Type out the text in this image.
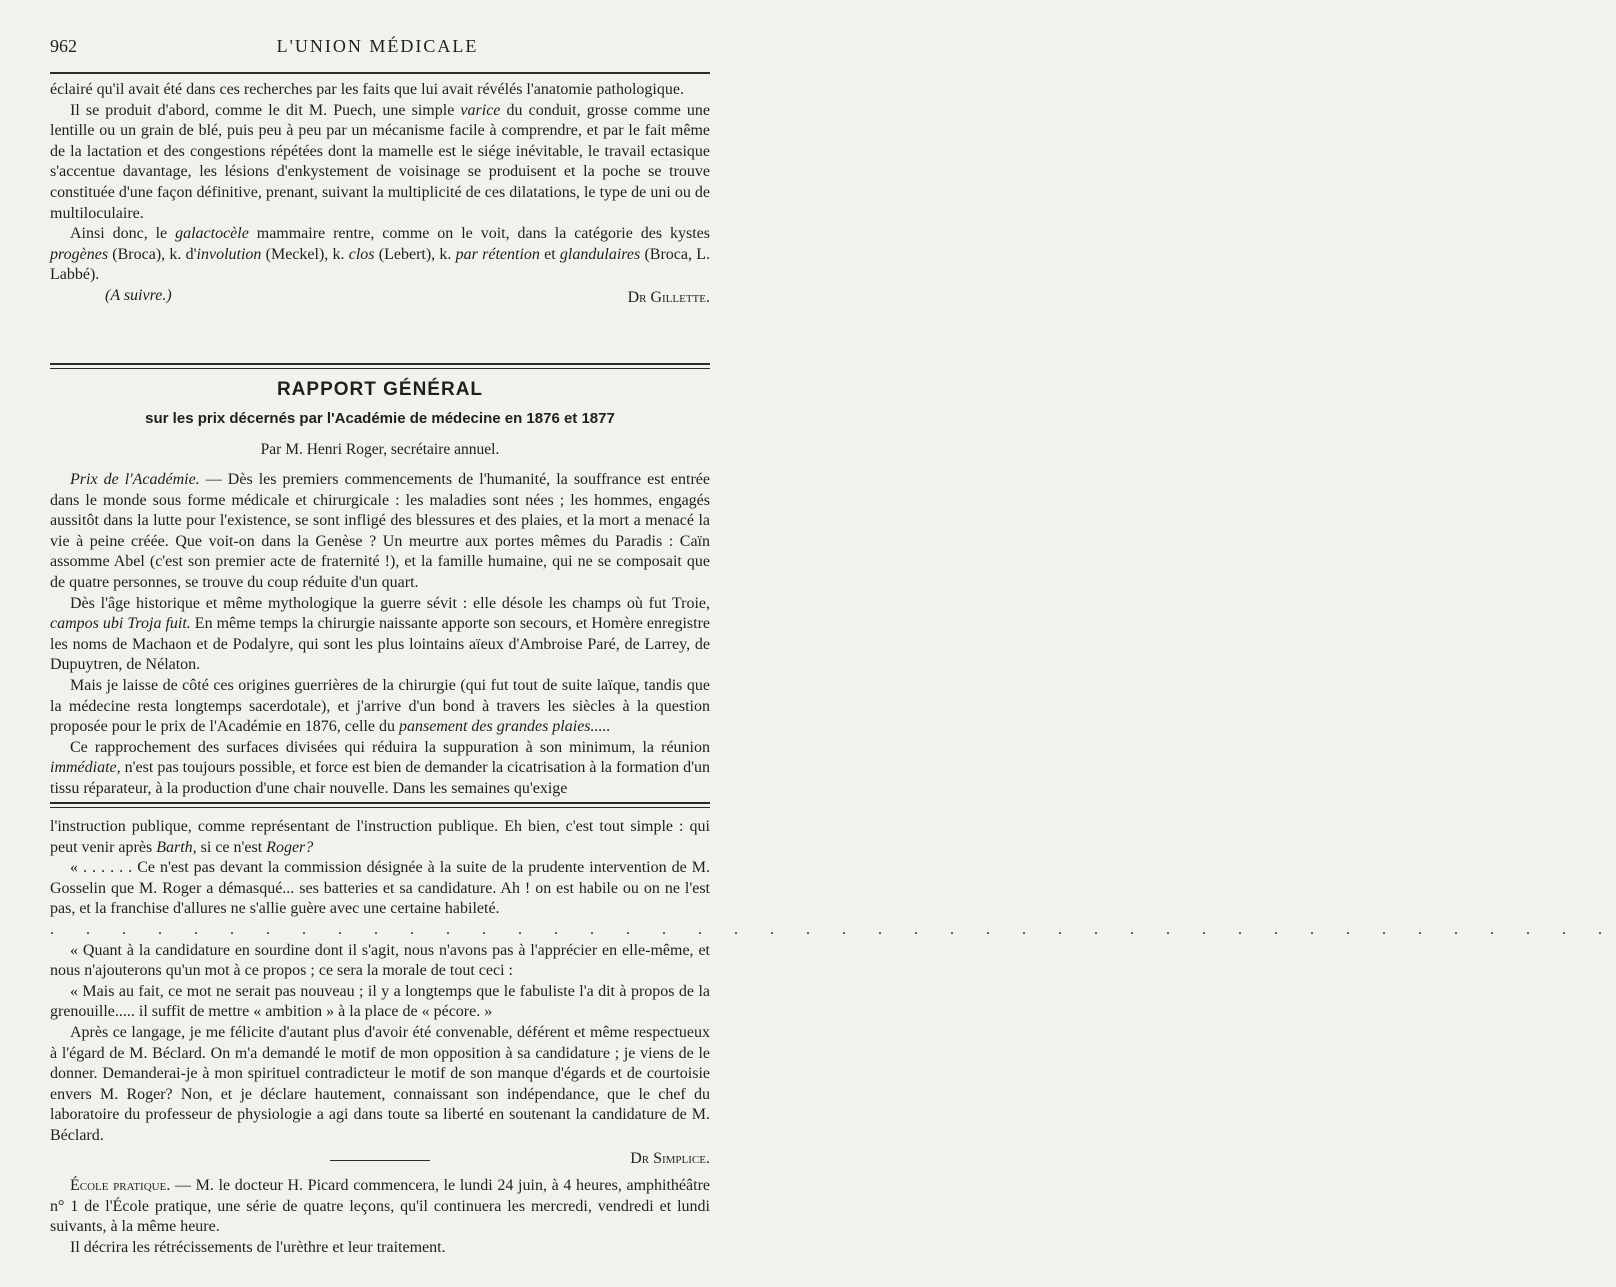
962	L'UNION MÉDICALE

éclairé qu'il avait été dans ces recherches par les faits que lui avait révélés l'anatomie pathologique.

Il se produit d'abord, comme le dit M. Puech, une simple varice du conduit, grosse comme une lentille ou un grain de blé, puis peu à peu par un mécanisme facile à comprendre, et par le fait même de la lactation et des congestions répétées dont la mamelle est le siége inévitable, le travail ectasique s'accentue davantage, les lésions d'enkystement de voisinage se produisent et la poche se trouve constituée d'une façon définitive, prenant, suivant la multiplicité de ces dilatations, le type de uni ou de multiloculaire.

Ainsi donc, le galactocèle mammaire rentre, comme on le voit, dans la catégorie des kystes progènes (Broca), k. d'involution (Meckel), k. clos (Lebert), k. par rétention et glandulaires (Broca, L. Labbé).

(A suivre.)	Dr Gillette.
RAPPORT GÉNÉRAL
sur les prix décernés par l'Académie de médecine en 1876 et 1877
Par M. Henri Roger, secrétaire annuel.

Prix de l'Académie. — Dès les premiers commencements de l'humanité, la souffrance est entrée dans le monde sous forme médicale et chirurgicale : les maladies sont nées ; les hommes, engagés aussitôt dans la lutte pour l'existence, se sont infligé des blessures et des plaies, et la mort a menacé la vie à peine créée. Que voit-on dans la Genèse ? Un meurtre aux portes mêmes du Paradis : Caïn assomme Abel (c'est son premier acte de fraternité !), et la famille humaine, qui ne se composait que de quatre personnes, se trouve du coup réduite d'un quart.

Dès l'âge historique et même mythologique la guerre sévit : elle désole les champs où fut Troie, campos ubi Troja fuit. En même temps la chirurgie naissante apporte son secours, et Homère enregistre les noms de Machaon et de Podalyre, qui sont les plus lointains aïeux d'Ambroise Paré, de Larrey, de Dupuytren, de Nélaton.

Mais je laisse de côté ces origines guerrières de la chirurgie (qui fut tout de suite laïque, tandis que la médecine resta longtemps sacerdotale), et j'arrive d'un bond à travers les siècles à la question proposée pour le prix de l'Académie en 1876, celle du pansement des grandes plaies.....

Ce rapprochement des surfaces divisées qui réduira la suppuration à son minimum, la réunion immédiate, n'est pas toujours possible, et force est bien de demander la cicatrisation à la formation d'un tissu réparateur, à la production d'une chair nouvelle. Dans les semaines qu'exige

l'instruction publique, comme représentant de l'instruction publique. Eh bien, c'est tout simple : qui peut venir après Barth, si ce n'est Roger?

« . . . . . . Ce n'est pas devant la commission désignée à la suite de la prudente intervention de M. Gosselin que M. Roger a démasqué... ses batteries et sa candidature. Ah ! on est habile ou on ne l'est pas, et la franchise d'allures ne s'allie guère avec une certaine habileté.

. . . . . . . . . . . . . . . . . . . . . . . . . . . . . . . . . . . . . . . . . . . .

« Quant à la candidature en sourdine dont il s'agit, nous n'avons pas à l'apprécier en elle-même, et nous n'ajouterons qu'un mot à ce propos ; ce sera la morale de tout ceci :

« Mais au fait, ce mot ne serait pas nouveau ; il y a longtemps que le fabuliste l'a dit à propos de la grenouille..... il suffit de mettre « ambition » à la place de « pécore. »

Après ce langage, je me félicite d'autant plus d'avoir été convenable, déférent et même respectueux à l'égard de M. Béclard. On m'a demandé le motif de mon opposition à sa candidature ; je viens de le donner. Demanderai-je à mon spirituel contradicteur le motif de son manque d'égards et de courtoisie envers M. Roger? Non, et je déclare hautement, connaissant son indépendance, que le chef du laboratoire du professeur de physiologie a agi dans toute sa liberté en soutenant la candidature de M. Béclard.

Dr Simplice.

École pratique. — M. le docteur H. Picard commencera, le lundi 24 juin, à 4 heures, amphithéâtre n° 1 de l'École pratique, une série de quatre leçons, qu'il continuera les mercredi, vendredi et lundi suivants, à la même heure.

Il décrira les rétrécissements de l'urèthre et leur traitement.
